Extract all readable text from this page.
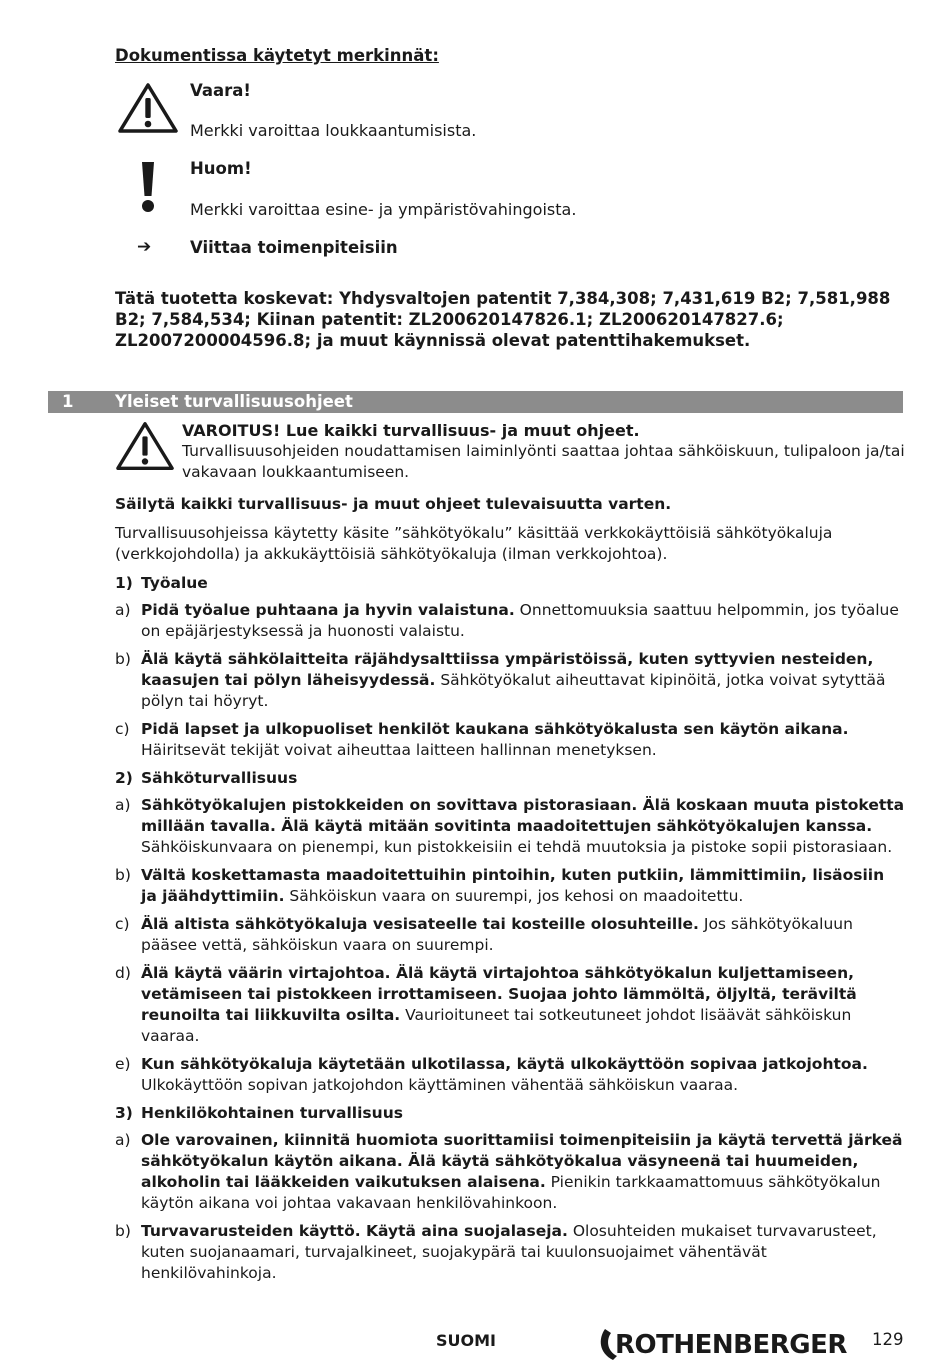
Dokumentissa käytetyt merkinnät:
Vaara!
Merkki varoittaa loukkaantumisista.
Huom!
Merkki varoittaa esine- ja ympäristövahingoista.
➔ Viittaa toimenpiteisiin
Tätä tuotetta koskevat: Yhdysvaltojen patentit 7,384,308; 7,431,619 B2; 7,581,988 B2; 7,584,534; Kiinan patentit: ZL200620147826.1; ZL200620147827.6; ZL2007200004596.8; ja muut käynnissä olevat patenttihakemukset.
1	Yleiset turvallisuusohjeet
VAROITUS! Lue kaikki turvallisuus- ja muut ohjeet.
Turvallisuusohjeiden noudattamisen laiminlyönti saattaa johtaa sähköiskuun, tulipaloon ja/tai vakavaan loukkaantumiseen.
Säilytä kaikki turvallisuus- ja muut ohjeet tulevaisuutta varten.
Turvallisuusohjeissa käytetty käsite ”sähkötyökalu” käsittää verkkokäyttöisiä sähkötyökaluja (verkkojohdolla) ja akkukäyttöisiä sähkötyökaluja (ilman verkkojohtoa).
1) Työalue
a) Pidä työalue puhtaana ja hyvin valaistuna. Onnettomuuksia saattuu helpommin, jos työalue on epäjärjestyksessä ja huonosti valaistu.
b) Älä käytä sähkölaitteita räjähdysalttiissa ympäristöissä, kuten syttyvien nesteiden, kaasujen tai pölyn läheisyydessä. Sähkötyökalut aiheuttavat kipinöitä, jotka voivat sytyttää pölyn tai höyryt.
c) Pidä lapset ja ulkopuoliset henkilöt kaukana sähkötyökalusta sen käytön aikana. Häiritsevät tekijät voivat aiheuttaa laitteen hallinnan menetyksen.
2) Sähköturvallisuus
a) Sähkötyökalujen pistokkeiden on sovittava pistorasiaan. Älä koskaan muuta pistoketta millään tavalla. Älä käytä mitään sovitinta maadoitettujen sähkötyökalujen kanssa. Sähköiskunvaara on pienempi, kun pistokkeisiin ei tehdä muutoksia ja pistoke sopii pistorasiaan.
b) Vältä koskettamasta maadoitettuihin pintoihin, kuten putkiin, lämmittimiin, lisäosiin ja jäähdyttimiin. Sähköiskun vaara on suurempi, jos kehosi on maadoitettu.
c) Älä altista sähkötyökaluja vesisateelle tai kosteille olosuhteille. Jos sähkötyökaluun pääsee vettä, sähköiskun vaara on suurempi.
d) Älä käytä väärin virtajohtoa. Älä käytä virtajohtoa sähkötyökalun kuljettamiseen, vetämiseen tai pistokkeen irrottamiseen. Suojaa johto lämmöltä, öljyltä, teräviltä reunoilta tai liikkuvilta osilta. Vaurioituneet tai sotkeutuneet johdot lisäävät sähköiskun vaaraa.
e) Kun sähkötyökaluja käytetään ulkotilassa, käytä ulkokäyttöön sopivaa jatkojohtoa. Ulkokäyttöön sopivan jatkojohdon käyttäminen vähentää sähköiskun vaaraa.
3) Henkilökohtainen turvallisuus
a) Ole varovainen, kiinnitä huomiota suorittamiisi toimenpiteisiin ja käytä tervettä järkeä sähkötyökalun käytön aikana. Älä käytä sähkötyökalua väsyneenä tai huumeiden, alkoholin tai lääkkeiden vaikutuksen alaisena. Pienikin tarkkaamattomuus sähkötyökalun käytön aikana voi johtaa vakavaan henkilövahinkoon.
b) Turvavarusteiden käyttö. Käytä aina suojalaseja. Olosuhteiden mukaiset turvavarusteet, kuten suojanaamari, turvajalkineet, suojakypärä tai kuulonsuojaimet vähentävät henkilövahinkoja.
SUOMI	ROTHENBERGER 129
